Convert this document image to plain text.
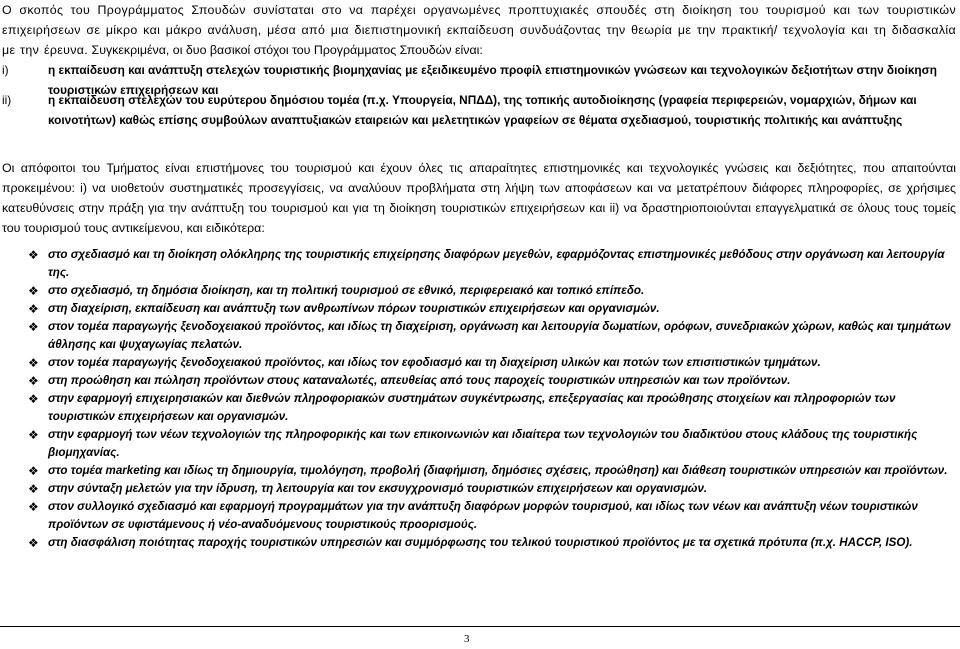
Ο σκοπός του Προγράμματος Σπουδών συνίσταται στο να παρέχει οργανωμένες προπτυχιακές σπουδές στη διοίκηση του τουρισμού και των τουριστικών επιχειρήσεων σε μίκρο και μάκρο ανάλυση, μέσα από μια διεπιστημονική εκπαίδευση συνδυάζοντας την θεωρία με την πρακτική/ τεχνολογία και τη διδασκαλία με την έρευνα. Συγκεκριμένα, οι δυο βασικοί στόχοι του Προγράμματος Σπουδών είναι:

i)	η εκπαίδευση και ανάπτυξη στελεχών τουριστικής βιομηχανίας με εξειδικευμένο προφίλ επιστημονικών γνώσεων και τεχνολογικών δεξιοτήτων στην διοίκηση τουριστικών επιχειρήσεων και
ii)	η εκπαίδευση στελεχών του ευρύτερου δημόσιου τομέα (π.χ. Υπουργεία, ΝΠΔΔ), της τοπικής αυτοδιοίκησης (γραφεία περιφερειών, νομαρχιών, δήμων και κοινοτήτων) καθώς επίσης συμβούλων αναπτυξιακών εταιρειών και μελετητικών γραφείων σε θέματα σχεδιασμού, τουριστικής πολιτικής και ανάπτυξης
Οι απόφοιτοι του Τμήματος είναι επιστήμονες του τουρισμού και έχουν όλες τις απαραίτητες επιστημονικές και τεχνολογικές γνώσεις και δεξιότητες, που απαιτούνται προκειμένου: i) να υιοθετούν συστηματικές προσεγγίσεις, να αναλύουν προβλήματα στη λήψη των αποφάσεων και να μετατρέπουν διάφορες πληροφορίες, σε χρήσιμες κατευθύνσεις στην πράξη για την ανάπτυξη του τουρισμού και για τη διοίκηση τουριστικών επιχειρήσεων και ii) να δραστηριοποιούνται επαγγελματικά σε όλους τους τομείς του τουρισμού τους αντικείμενου, και ειδικότερα:
❖ στο σχεδιασμό και τη διοίκηση ολόκληρης της τουριστικής επιχείρησης διαφόρων μεγεθών, εφαρμόζοντας επιστημονικές μεθόδους στην οργάνωση και λειτουργία της.
❖ στο σχεδιασμό, τη δημόσια διοίκηση, και τη πολιτική τουρισμού σε εθνικό, περιφερειακό και τοπικό επίπεδο.
❖ στη διαχείριση, εκπαίδευση και ανάπτυξη των ανθρωπίνων πόρων τουριστικών επιχειρήσεων και οργανισμών.
❖ στον τομέα παραγωγής ξενοδοχειακού προϊόντος, και ιδίως τη διαχείριση, οργάνωση και λειτουργία δωματίων, ορόφων, συνεδριακών χώρων, καθώς και τμημάτων άθλησης και ψυχαγωγίας πελατών.
❖ στον τομέα παραγωγής ξενοδοχειακού προϊόντος, και ιδίως τον εφοδιασμό και τη διαχείριση υλικών και ποτών των επισιτιστικών τμημάτων.
❖ στη προώθηση και πώληση προϊόντων στους καταναλωτές, απευθείας από τους παροχείς τουριστικών υπηρεσιών και των προϊόντων.
❖ στην εφαρμογή επιχειρησιακών και διεθνών πληροφοριακών συστημάτων συγκέντρωσης, επεξεργασίας και προώθησης στοιχείων και πληροφοριών των τουριστικών επιχειρήσεων και οργανισμών.
❖ στην εφαρμογή των νέων τεχνολογιών της πληροφορικής και των επικοινωνιών και ιδιαίτερα των τεχνολογιών του διαδικτύου στους κλάδους της τουριστικής βιομηχανίας.
❖ στο τομέα marketing και ιδίως τη δημιουργία, τιμολόγηση, προβολή (διαφήμιση, δημόσιες σχέσεις, προώθηση) και διάθεση τουριστικών υπηρεσιών και προϊόντων.
❖ στην σύνταξη μελετών για την ίδρυση, τη λειτουργία και τον εκσυγχρονισμό τουριστικών επιχειρήσεων και οργανισμών.
❖ στον συλλογικό σχεδιασμό και εφαρμογή προγραμμάτων για την ανάπτυξη διαφόρων μορφών τουρισμού, και ιδίως των νέων και ανάπτυξη νέων τουριστικών προϊόντων σε υφιστάμενους ή νέο-αναδυόμενους τουριστικούς προορισμούς.
❖ στη διασφάλιση ποιότητας παροχής τουριστικών υπηρεσιών και συμμόρφωσης του τελικού τουριστικού προϊόντος με τα σχετικά πρότυπα (π.χ. HACCP, ISO).
3
